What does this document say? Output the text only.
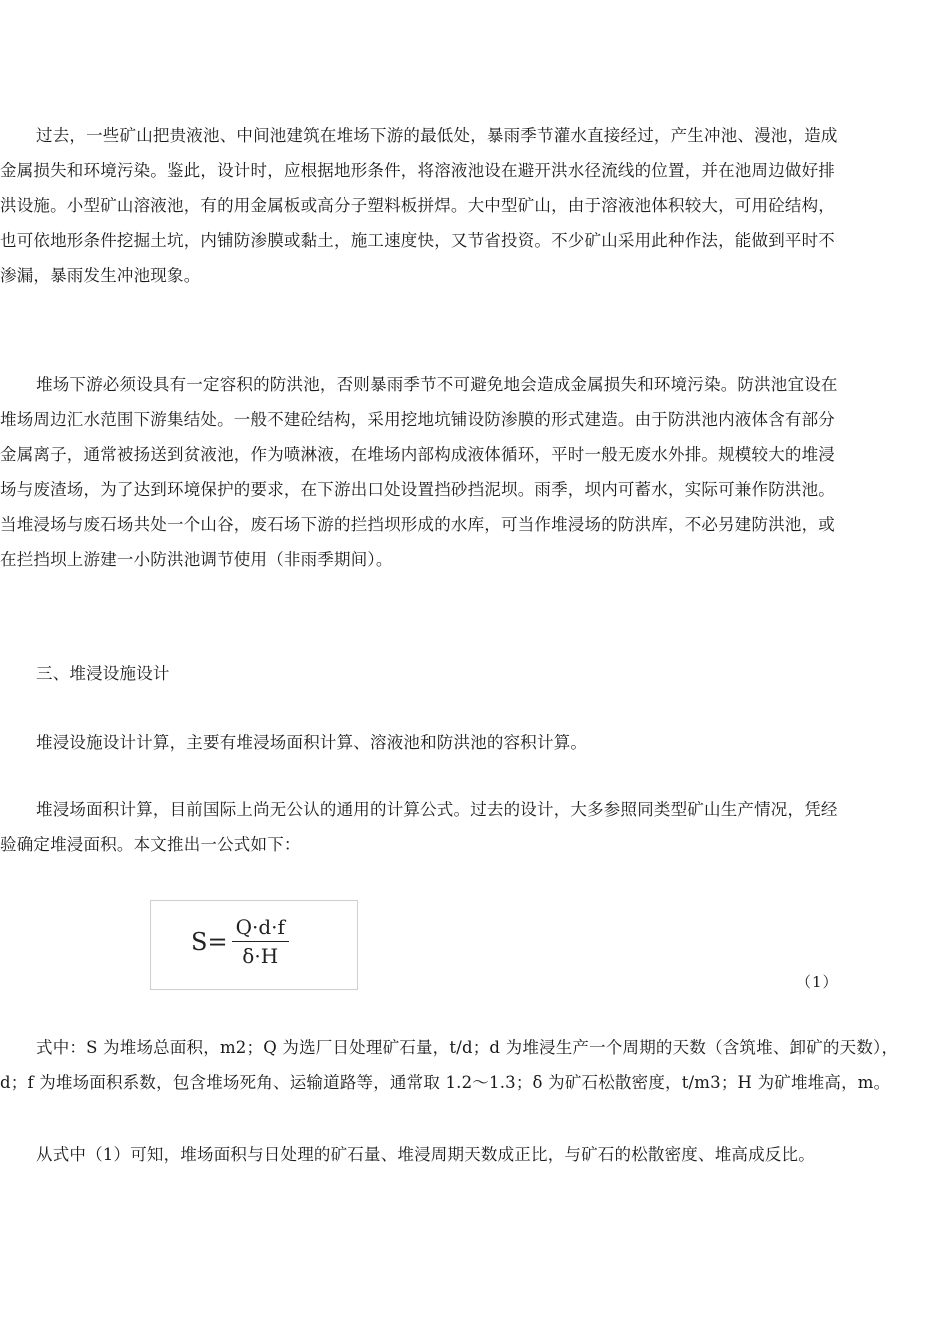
过去，一些矿山把贵液池、中间池建筑在堆场下游的最低处，暴雨季节灌水直接经过，产生冲池、漫池，造成
金属损失和环境污染。鉴此，设计时，应根据地形条件，将溶液池设在避开洪水径流线的位置，并在池周边做好排
洪设施。小型矿山溶液池，有的用金属板或高分子塑料板拼焊。大中型矿山，由于溶液池体积较大，可用砼结构，
也可依地形条件挖掘土坑，内铺防渗膜或黏土，施工速度快，又节省投资。不少矿山采用此种作法，能做到平时不
渗漏，暴雨发生冲池现象。

堆场下游必须设具有一定容积的防洪池，否则暴雨季节不可避免地会造成金属损失和环境污染。防洪池宜设在
堆场周边汇水范围下游集结处。一般不建砼结构，采用挖地坑铺设防渗膜的形式建造。由于防洪池内液体含有部分
金属离子，通常被扬送到贫液池，作为喷淋液，在堆场内部构成液体循环，平时一般无废水外排。规模较大的堆浸
场与废渣场，为了达到环境保护的要求，在下游出口处设置挡砂挡泥坝。雨季，坝内可蓄水，实际可兼作防洪池。
当堆浸场与废石场共处一个山谷，废石场下游的拦挡坝形成的水库，可当作堆浸场的防洪库，不必另建防洪池，或
在拦挡坝上游建一小防洪池调节使用（非雨季期间）。

三、堆浸设施设计

堆浸设施设计计算，主要有堆浸场面积计算、溶液池和防洪池的容积计算。

堆浸场面积计算，目前国际上尚无公认的通用的计算公式。过去的设计，大多参照同类型矿山生产情况，凭经
验确定堆浸面积。本文推出一公式如下：

$S= \frac{Q\cdot d\cdot f}{\delta\cdot H}$
（1）

式中：S 为堆场总面积，m2；Q 为选厂日处理矿石量，t/d；d 为堆浸生产一个周期的天数（含筑堆、卸矿的天数），
d；f 为堆场面积系数，包含堆场死角、运输道路等，通常取 1.2～1.3；δ 为矿石松散密度，t/m3；H 为矿堆堆高，m。

从式中（1）可知，堆场面积与日处理的矿石量、堆浸周期天数成正比，与矿石的松散密度、堆高成反比。
